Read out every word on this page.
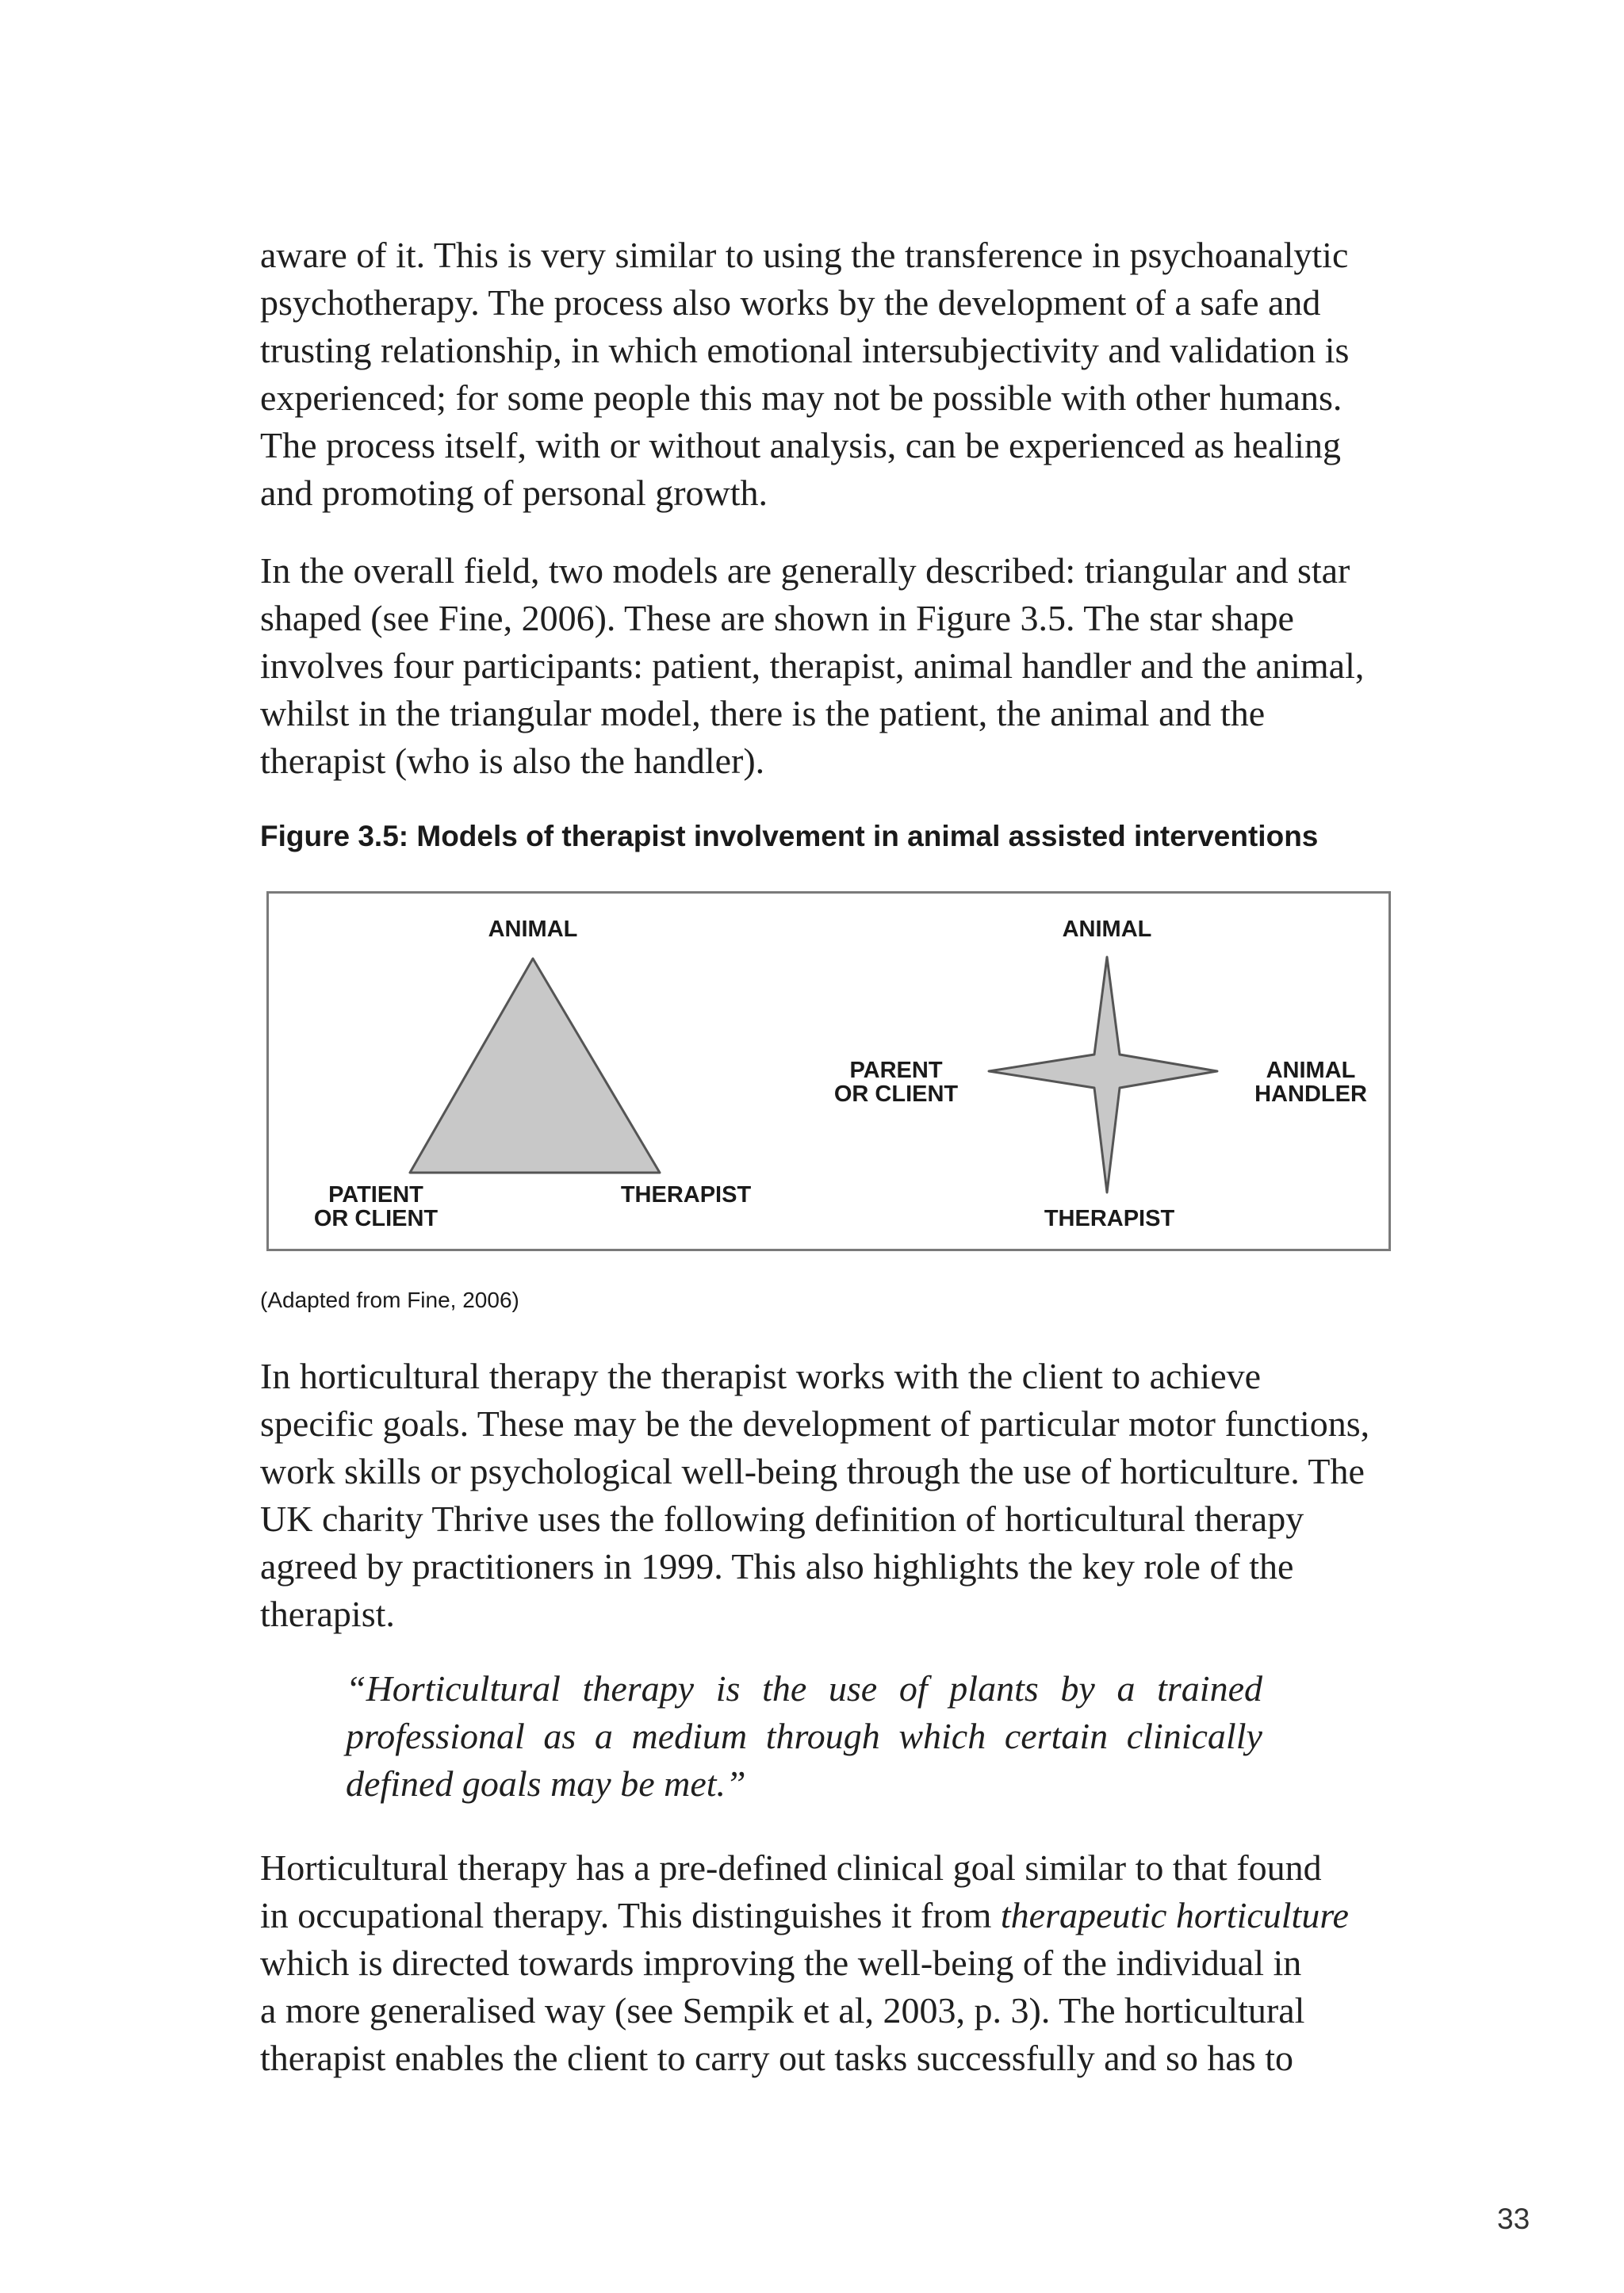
aware of it. This is very similar to using the transference in psychoanalytic
psychotherapy. The process also works by the development of a safe and
trusting relationship, in which emotional intersubjectivity and validation is
experienced; for some people this may not be possible with other humans.
The process itself, with or without analysis, can be experienced as healing
and promoting of personal growth.
In the overall field, two models are generally described: triangular and star
shaped (see Fine, 2006). These are shown in Figure 3.5. The star shape
involves four participants: patient, therapist, animal handler and the animal,
whilst in the triangular model, there is the patient, the animal and the
therapist (who is also the handler).
Figure 3.5: Models of therapist involvement in animal assisted interventions
ANIMAL
PATIENT
OR CLIENT
THERAPIST
ANIMAL
PARENT
OR CLIENT
ANIMAL
HANDLER
THERAPIST
(Adapted from Fine, 2006)
In horticultural therapy the therapist works with the client to achieve
specific goals. These may be the development of particular motor functions,
work skills or psychological well-being through the use of horticulture. The
UK charity Thrive uses the following definition of horticultural therapy
agreed by practitioners in 1999. This also highlights the key role of the
therapist.
“Horticultural therapy is the use of plants by a trained
professional as a medium through which certain clinically
defined goals may be met.”
Horticultural therapy has a pre-defined clinical goal similar to that found
in occupational therapy. This distinguishes it from therapeutic horticulture
which is directed towards improving the well-being of the individual in
a more generalised way (see Sempik et al, 2003, p. 3). The horticultural
therapist enables the client to carry out tasks successfully and so has to
33
